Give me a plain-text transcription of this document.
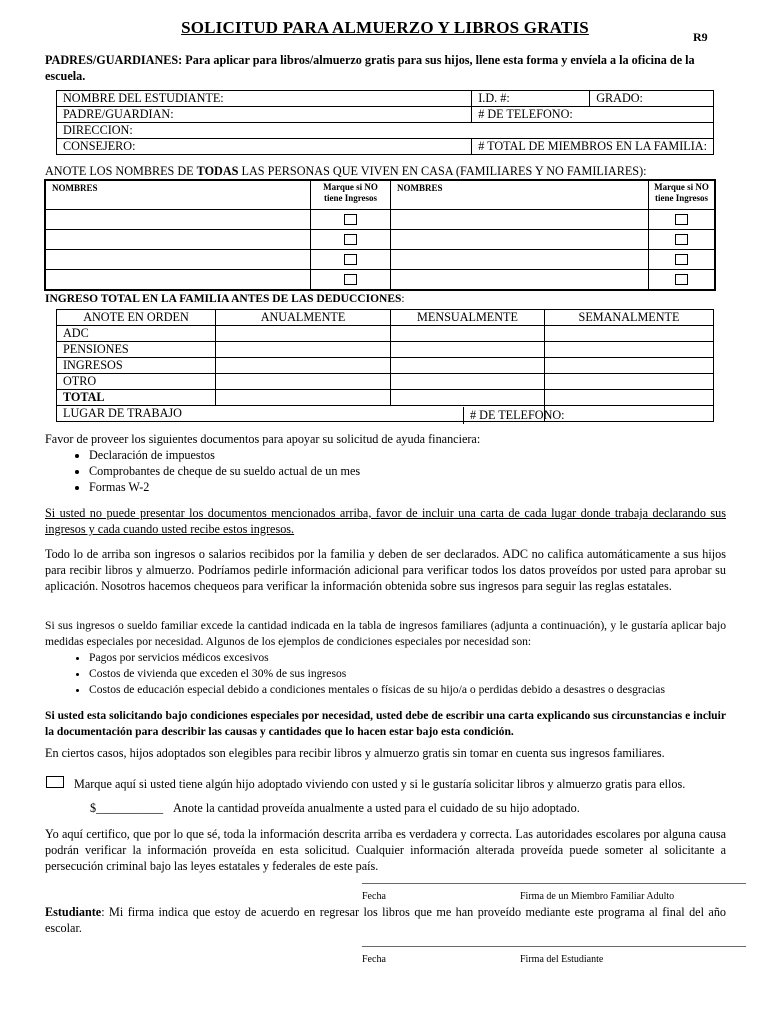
SOLICITUD PARA ALMUERZO Y LIBROS GRATIS	R9
PADRES/GUARDIANES: Para aplicar para libros/almuerzo gratis para sus hijos, llene esta forma y envíela a la oficina de la escuela.
NOMBRE DEL ESTUDIANTE:	I.D. #:	GRADO:
PADRE/GUARDIAN:	# DE TELEFONO:	
DIRECCION:		
CONSEJERO:	# TOTAL DE MIEMBROS EN LA FAMILIA:	
ANOTE LOS NOMBRES DE TODAS LAS PERSONAS QUE VIVEN EN CASA (FAMILIARES Y NO FAMILIARES):
NOMBRES	Marque si NO tiene Ingresos	NOMBRES	Marque si NO tiene Ingresos

INGRESO TOTAL EN LA FAMILIA ANTES DE LAS DEDUCCIONES:
ANOTE EN ORDEN	ANUALMENTE	MENSUALMENTE	SEMANALMENTE
ADC			
PENSIONES			
INGRESOS			
OTRO			
TOTAL			
LUGAR DE TRABAJO				# DE TELEFONO:
Favor de proveer los siguientes documentos para apoyar su solicitud de ayuda financiera:
• Declaración de impuestos
• Comprobantes de cheque de su sueldo actual de un mes
• Formas W-2
Si usted no puede presentar los documentos mencionados arriba, favor de incluir una carta de cada lugar donde trabaja declarando sus ingresos y cada cuando usted recibe estos ingresos.
Todo lo de arriba son ingresos o salarios recibidos por la familia y deben de ser declarados. ADC no califica automáticamente a sus hijos para recibir libros y almuerzo. Podríamos pedirle información adicional para verificar todos los datos proveídos por usted para aprobar su aplicación. Nosotros hacemos chequeos para verificar la información obtenida sobre sus ingresos para seguir las reglas estatales.
Si sus ingresos o sueldo familiar excede la cantidad indicada en la tabla de ingresos familiares (adjunta a continuación), y le gustaría aplicar bajo medidas especiales por necesidad. Algunos de los ejemplos de condiciones especiales por necesidad son:
• Pagos por servicios médicos excesivos
• Costos de vivienda que exceden el 30% de sus ingresos
• Costos de educación especial debido a condiciones mentales o físicas de su hijo/a o perdidas debido a desastres o desgracias
Si usted esta solicitando bajo condiciones especiales por necesidad, usted debe de escribir una carta explicando sus circunstancias e incluir la documentación para describir las causas y cantidades que lo hacen estar bajo esta condición.
En ciertos casos, hijos adoptados son elegibles para recibir libros y almuerzo gratis sin tomar en cuenta sus ingresos familiares.
Marque aquí si usted tiene algún hijo adoptado viviendo con usted y si le gustaría solicitar libros y almuerzo gratis para ellos.
$___________ Anote la cantidad proveída anualmente a usted para el cuidado de su hijo adoptado.
Yo aquí certifico, que por lo que sé, toda la información descrita arriba es verdadera y correcta. Las autoridades escolares por alguna causa podrán verificar la información proveída en esta solicitud. Cualquier información alterada proveída puede someter al solicitante a persecución criminal bajo las leyes estatales y federales de este país.
________________________________________________________________
Fecha	Firma de un Miembro Familiar Adulto
Estudiante: Mi firma indica que estoy de acuerdo en regresar los libros que me han proveído mediante este programa al final del año escolar.
________________________________________________________________
Fecha	Firma del Estudiante
